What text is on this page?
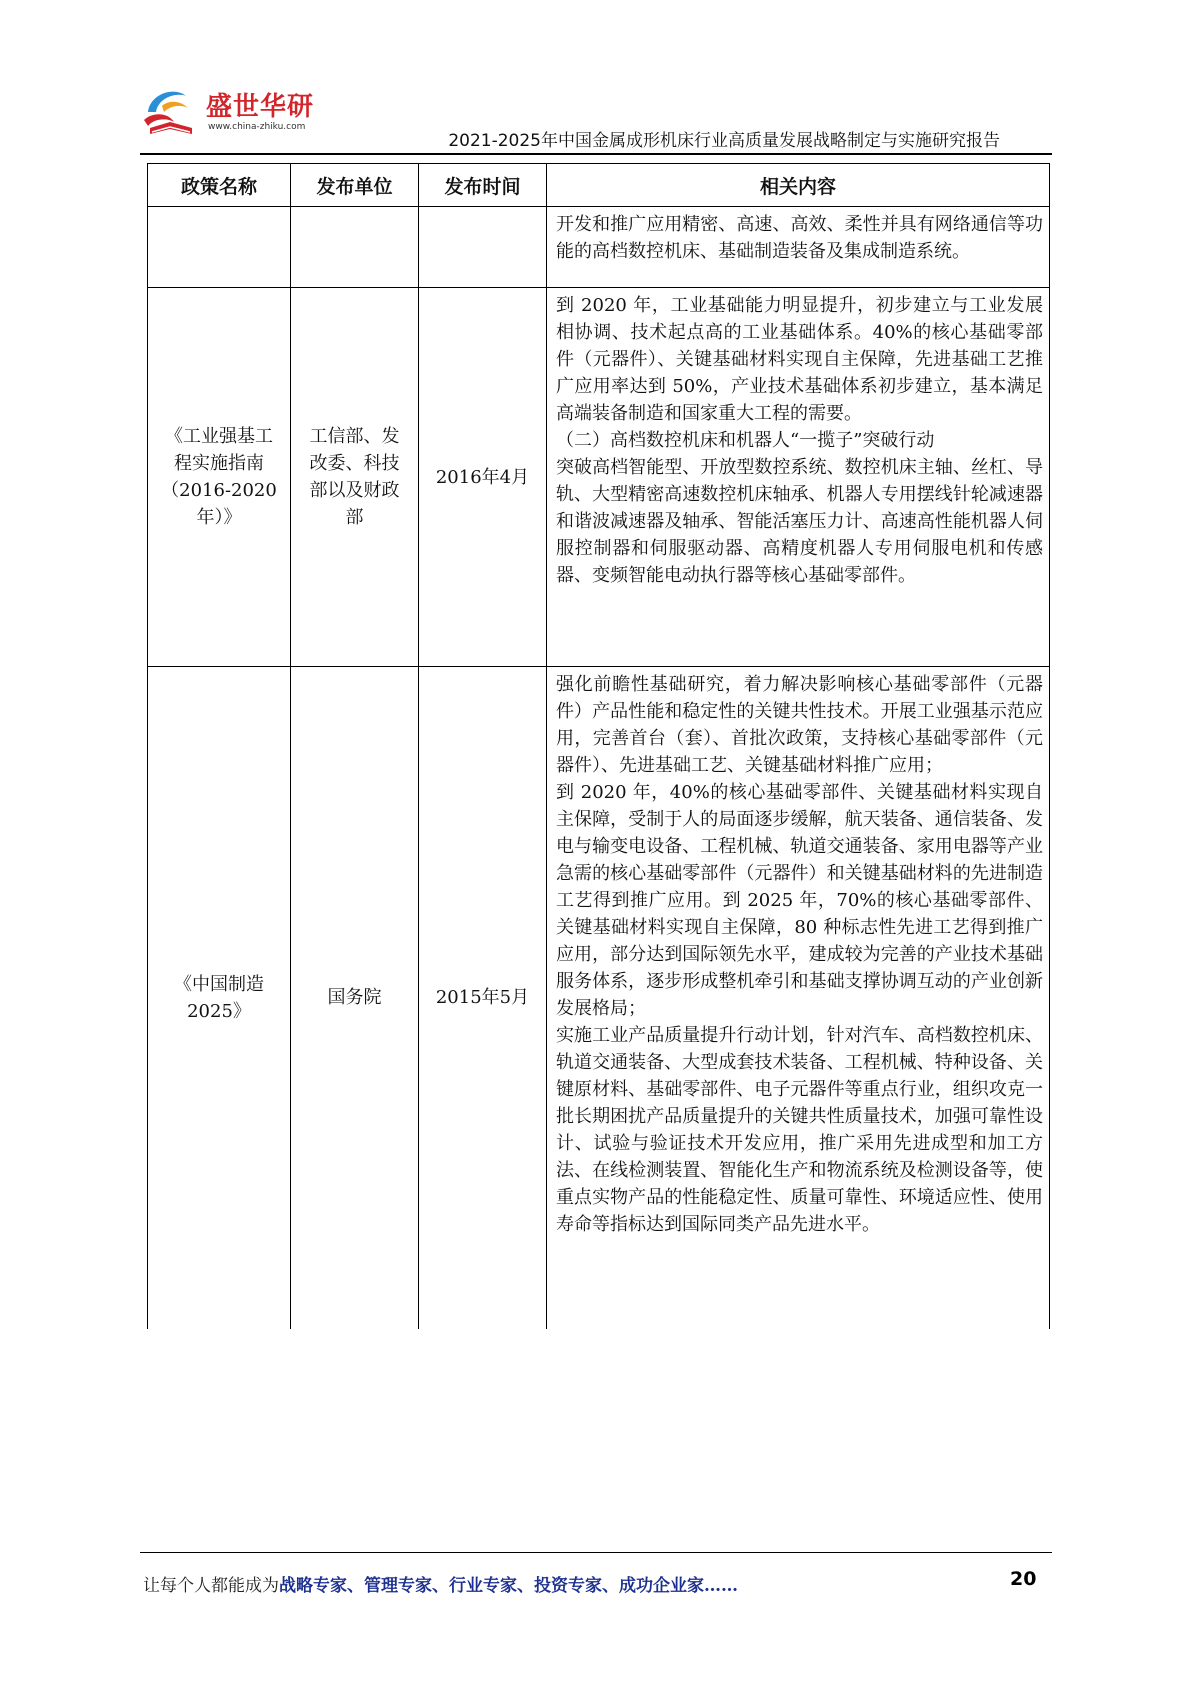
盛世华研
www.china-zhiku.com
2021-2025年中国金属成形机床行业高质量发展战略制定与实施研究报告
政策名称	发布单位	发布时间	相关内容

			开发和推广应用精密、高速、高效、柔性并具有网络通信等功能的高档数控机床、基础制造装备及集成制造系统。

《工业强基工程实施指南（2016-2020年）》	工信部、发改委、科技部以及财政部	2016年4月	到 2020 年，工业基础能力明显提升，初步建立与工业发展相协调、技术起点高的工业基础体系。40%的核心基础零部件（元器件）、关键基础材料实现自主保障，先进基础工艺推广应用率达到 50%，产业技术基础体系初步建立，基本满足高端装备制造和国家重大工程的需要。

（二）高档数控机床和机器人“一揽子”突破行动

突破高档智能型、开放型数控系统、数控机床主轴、丝杠、导轨、大型精密高速数控机床轴承、机器人专用摆线针轮减速器和谐波减速器及轴承、智能活塞压力计、高速高性能机器人伺服控制器和伺服驱动器、高精度机器人专用伺服电机和传感器、变频智能电动执行器等核心基础零部件。

《中国制造2025》	国务院	2015年5月	强化前瞻性基础研究，着力解决影响核心基础零部件（元器件）产品性能和稳定性的关键共性技术。开展工业强基示范应用，完善首台（套）、首批次政策，支持核心基础零部件（元器件）、先进基础工艺、关键基础材料推广应用；

到 2020 年，40%的核心基础零部件、关键基础材料实现自主保障，受制于人的局面逐步缓解，航天装备、通信装备、发电与输变电设备、工程机械、轨道交通装备、家用电器等产业急需的核心基础零部件（元器件）和关键基础材料的先进制造工艺得到推广应用。到 2025 年，70%的核心基础零部件、关键基础材料实现自主保障，80 种标志性先进工艺得到推广应用，部分达到国际领先水平，建成较为完善的产业技术基础服务体系，逐步形成整机牵引和基础支撑协调互动的产业创新发展格局；

实施工业产品质量提升行动计划，针对汽车、高档数控机床、轨道交通装备、大型成套技术装备、工程机械、特种设备、关键原材料、基础零部件、电子元器件等重点行业，组织攻克一批长期困扰产品质量提升的关键共性质量技术，加强可靠性设计、试验与验证技术开发应用，推广采用先进成型和加工方法、在线检测装置、智能化生产和物流系统及检测设备等，使重点实物产品的性能稳定性、质量可靠性、环境适应性、使用寿命等指标达到国际同类产品先进水平。

让每个人都能成为战略专家、管理专家、行业专家、投资专家、成功企业家……	20
